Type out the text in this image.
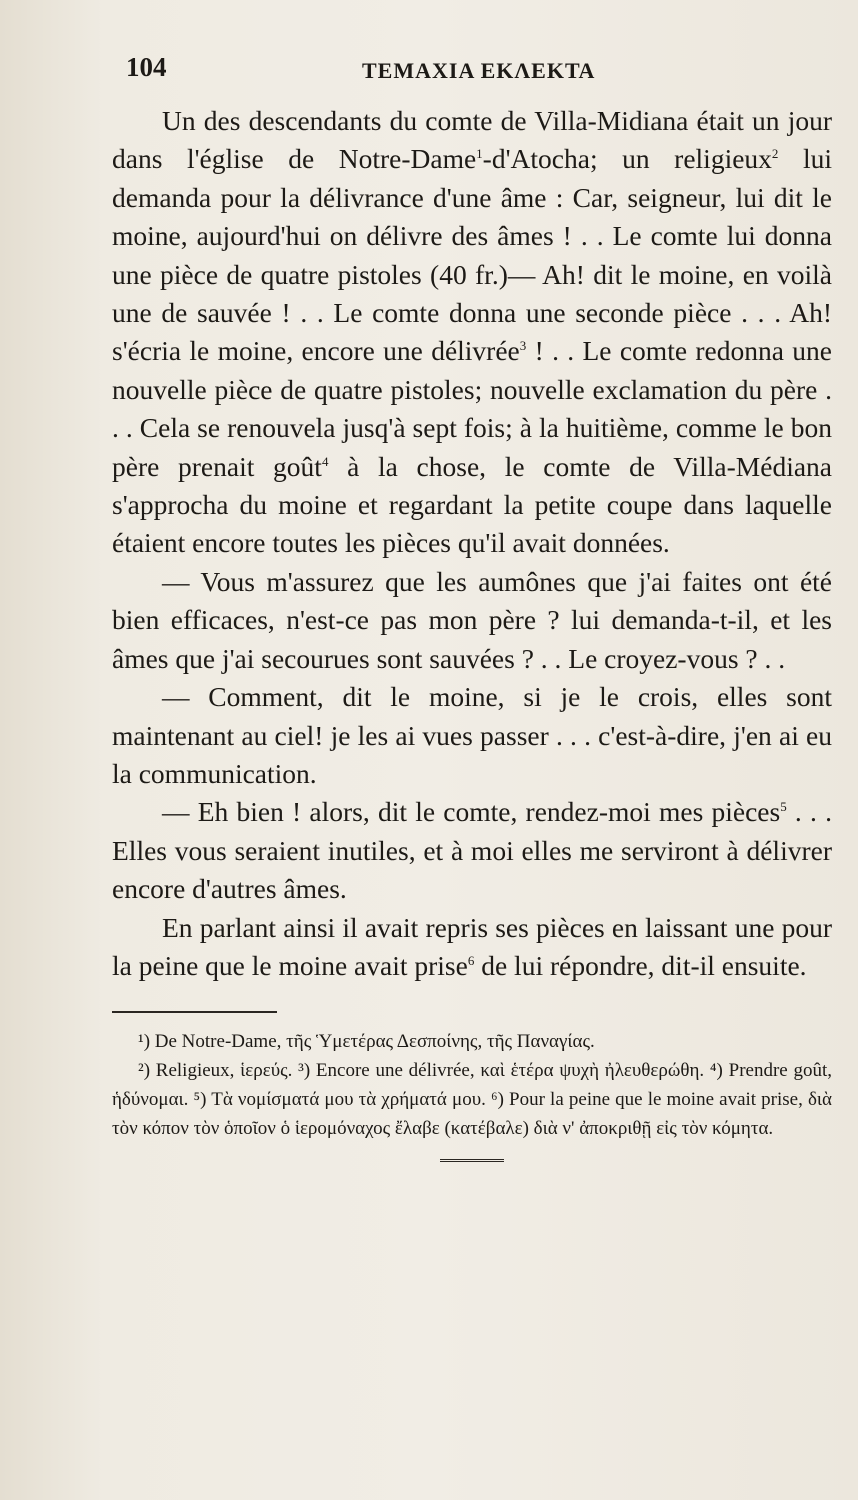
104	ΤΕΜΑΧΙΑ ΕΚΛΕΚΤΑ

Un des descendants du comte de Villa-Midiana était un jour dans l'église de Notre-Dame$^1$-d'Atocha; un religieux$^2$ lui demanda pour la délivrance d'une âme : Car, seigneur, lui dit le moine, aujourd'hui on délivre des âmes ! . . Le comte lui donna une pièce de quatre pistoles (40 fr.)— Ah! dit le moine, en voilà une de sauvée ! . . Le comte donna une seconde pièce . . . Ah! s'écria le moine, encore une délivrée$^3$ ! . . Le comte redonna une nouvelle pièce de quatre pistoles; nouvelle exclamation du père . . . Cela se renouvela jusq'à sept fois; à la huitième, comme le bon père prenait goût$^4$ à la chose, le comte de Villa-Médiana s'approcha du moine et regardant la petite coupe dans laquelle étaient encore toutes les pièces qu'il avait données.

— Vous m'assurez que les aumônes que j'ai faites ont été bien efficaces, n'est-ce pas mon père ? lui demanda-t-il, et les âmes que j'ai secourues sont sauvées ? . . Le croyez-vous ? . .

— Comment, dit le moine, si je le crois, elles sont maintenant au ciel! je les ai vues passer . . . c'est-à-dire, j'en ai eu la communication.

— Eh bien ! alors, dit le comte, rendez-moi mes pièces$^5$ . . . Elles vous seraient inutiles, et à moi elles me serviront à délivrer encore d'autres âmes.

En parlant ainsi il avait repris ses pièces en laissant une pour la peine que le moine avait prise$^6$ de lui répondre, dit-il ensuite.

¹) De Notre-Dame, τῆς Ὑμετέρας Δεσποίνης, τῆς Παναγίας.

²) Religieux, ἱερεύς. ³) Encore une délivrée, καὶ ἑτέρα ψυχὴ ἠλευθερώθη. ⁴) Prendre goût, ἡδύνομαι. ⁵) Τὰ νομίσματά μου τὰ χρήματά μου. ⁶) Pour la peine que le moine avait prise, διὰ τὸν κόπον τὸν ὁποῖον ὁ ἱερομόναχος ἔλαβε (κατέβαλε) διὰ ν' ἀποκριθῇ εἰς τὸν κόμητα.
